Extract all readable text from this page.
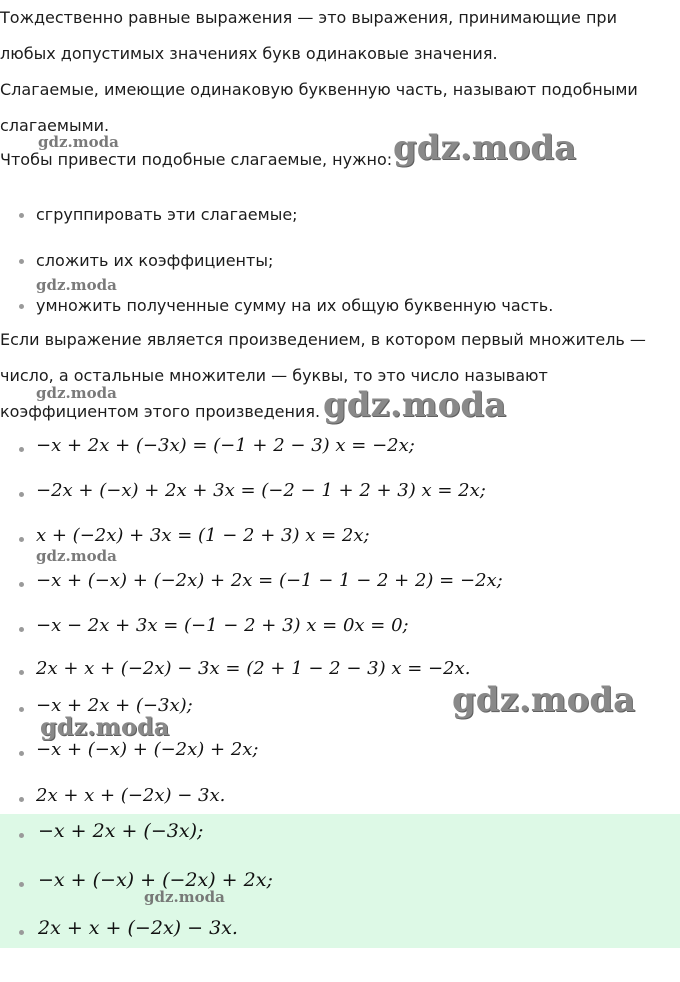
Тождественно равные выражения — это выражения, принимающие при
любых допустимых значениях букв одинаковые значения.
Слагаемые, имеющие одинаковую буквенную часть, называют подобными
слагаемыми.
Чтобы привести подобные слагаемые, нужно:
сгруппировать эти слагаемые;
сложить их коэффициенты;
умножить полученные сумму на их общую буквенную часть.
Если выражение является произведением, в котором первый множитель —
число, а остальные множители — буквы, то это число называют
коэффициентом этого произведения.
−x + 2x + (−3x) = (−1 + 2 − 3) x = −2x;
−2x + (−x) + 2x + 3x = (−2 − 1 + 2 + 3) x = 2x;
x + (−2x) + 3x = (1 − 2 + 3) x = 2x;
−x + (−x) + (−2x) + 2x = (−1 − 1 − 2 + 2) = −2x;
−x − 2x + 3x = (−1 − 2 + 3) x = 0x = 0;
2x + x + (−2x) − 3x = (2 + 1 − 2 − 3) x = −2x.
−x + 2x + (−3x);
−x + (−x) + (−2x) + 2x;
2x + x + (−2x) − 3x.
−x + 2x + (−3x);
−x + (−x) + (−2x) + 2x;
2x + x + (−2x) − 3x.
gdz.moda	gdz.moda
gdz.moda
gdz.moda	gdz.moda
gdz.moda
gdz.moda
gdz.moda
gdz.moda
